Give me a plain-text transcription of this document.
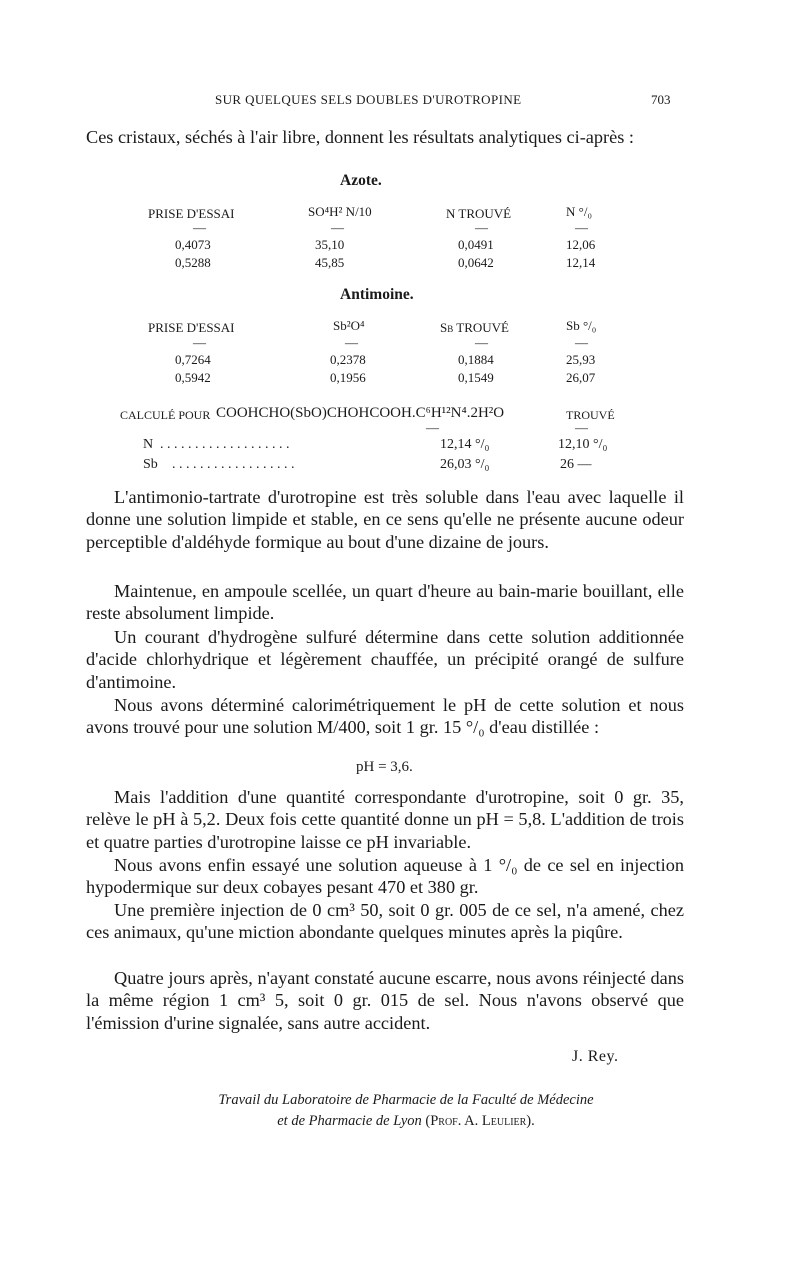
SUR QUELQUES SELS DOUBLES D'UROTROPINE	703
Ces cristaux, séchés à l'air libre, donnent les résultats analytiques ci-après :
Azote.
PRISE D'ESSAI	SO⁴H² N/10	N TROUVÉ	N °/₀
—	—	—	—
0,4073	35,10	0,0491	12,06
0,5288	45,85	0,0642	12,14
Antimoine.
PRISE D'ESSAI	Sb²O⁴	Sb TROUVÉ	Sb °/₀
—	—	—	—
0,7264	0,2378	0,1884	25,93
0,5942	0,1956	0,1549	26,07
CALCULÉ POUR COOHCHO(SbO)CHOHCOOH.C⁶H¹²N⁴.2H²O	TROUVÉ
—	—
N . . . . . . . . . . . . . . . . . . .	12,14 °/₀	12,10 °/₀
Sb . . . . . . . . . . . . . . . . . .	26,03 °/₀	26 —
L'antimonio-tartrate d'urotropine est très soluble dans l'eau avec laquelle il donne une solution limpide et stable, en ce sens qu'elle ne présente aucune odeur perceptible d'aldéhyde formique au bout d'une dizaine de jours.
Maintenue, en ampoule scellée, un quart d'heure au bain-marie bouillant, elle reste absolument limpide.
Un courant d'hydrogène sulfuré détermine dans cette solution additionnée d'acide chlorhydrique et légèrement chauffée, un précipité orangé de sulfure d'antimoine.
Nous avons déterminé calorimétriquement le pH de cette solution et nous avons trouvé pour une solution M/400, soit 1 gr. 15 °/₀ d'eau distillée :
pH = 3,6.
Mais l'addition d'une quantité correspondante d'urotropine, soit 0 gr. 35, relève le pH à 5,2. Deux fois cette quantité donne un pH = 5,8. L'addition de trois et quatre parties d'urotropine laisse ce pH invariable.
Nous avons enfin essayé une solution aqueuse à 1 °/₀ de ce sel en injection hypodermique sur deux cobayes pesant 470 et 380 gr.
Une première injection de 0 cm³ 50, soit 0 gr. 005 de ce sel, n'a amené, chez ces animaux, qu'une miction abondante quelques minutes après la piqûre.
Quatre jours après, n'ayant constaté aucune escarre, nous avons réinjecté dans la même région 1 cm³ 5, soit 0 gr. 015 de sel. Nous n'avons observé que l'émission d'urine signalée, sans autre accident.
J. Rey.
Travail du Laboratoire de Pharmacie de la Faculté de Médecine
et de Pharmacie de Lyon (Prof. A. Leulier).
